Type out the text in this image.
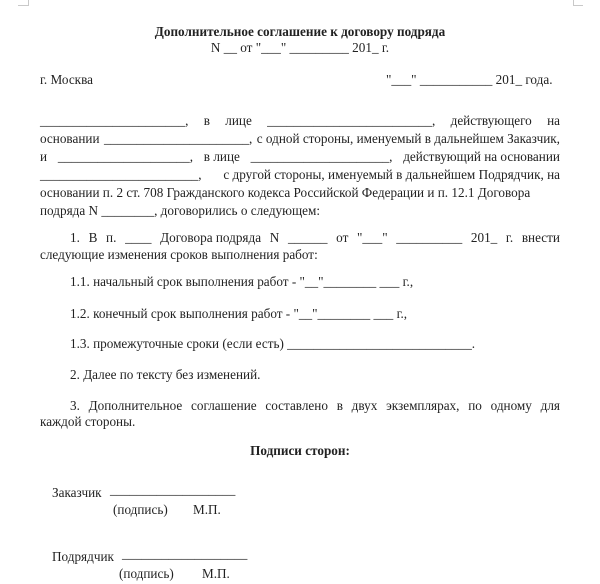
Дополнительное соглашение к договору подряда
N __ от "___" _________ 201_ г.
г. Москва	"___" ___________ 201_ года.
______________________, в лице _________________________, действующего на
основании ______________________, с одной стороны, именуемый в дальнейшем Заказчик,
и ____________________, в лице _____________________, действующий на основании
________________________, с другой стороны, именуемый в дальнейшем Подрядчик, на
основании п. 2 ст. 708 Гражданского кодекса Российской Федерации и п. 12.1 Договора
подряда N ________, договорились о следующем:
1. В п. ____ Договора подряда N ______ от "___" __________ 201_ г. внести
следующие изменения сроков выполнения работ:
1.1. начальный срок выполнения работ - "__"________ ___ г.,
1.2. конечный срок выполнения работ - "__"________ ___ г.,
1.3. промежуточные сроки (если есть) ____________________________.
2. Далее по тексту без изменений.
3. Дополнительное соглашение составлено в двух экземплярах, по одному для
каждой стороны.
Подписи сторон:
Заказчик ___________________
(подпись) М.П.
Подрядчик ___________________
(подпись) М.П.
